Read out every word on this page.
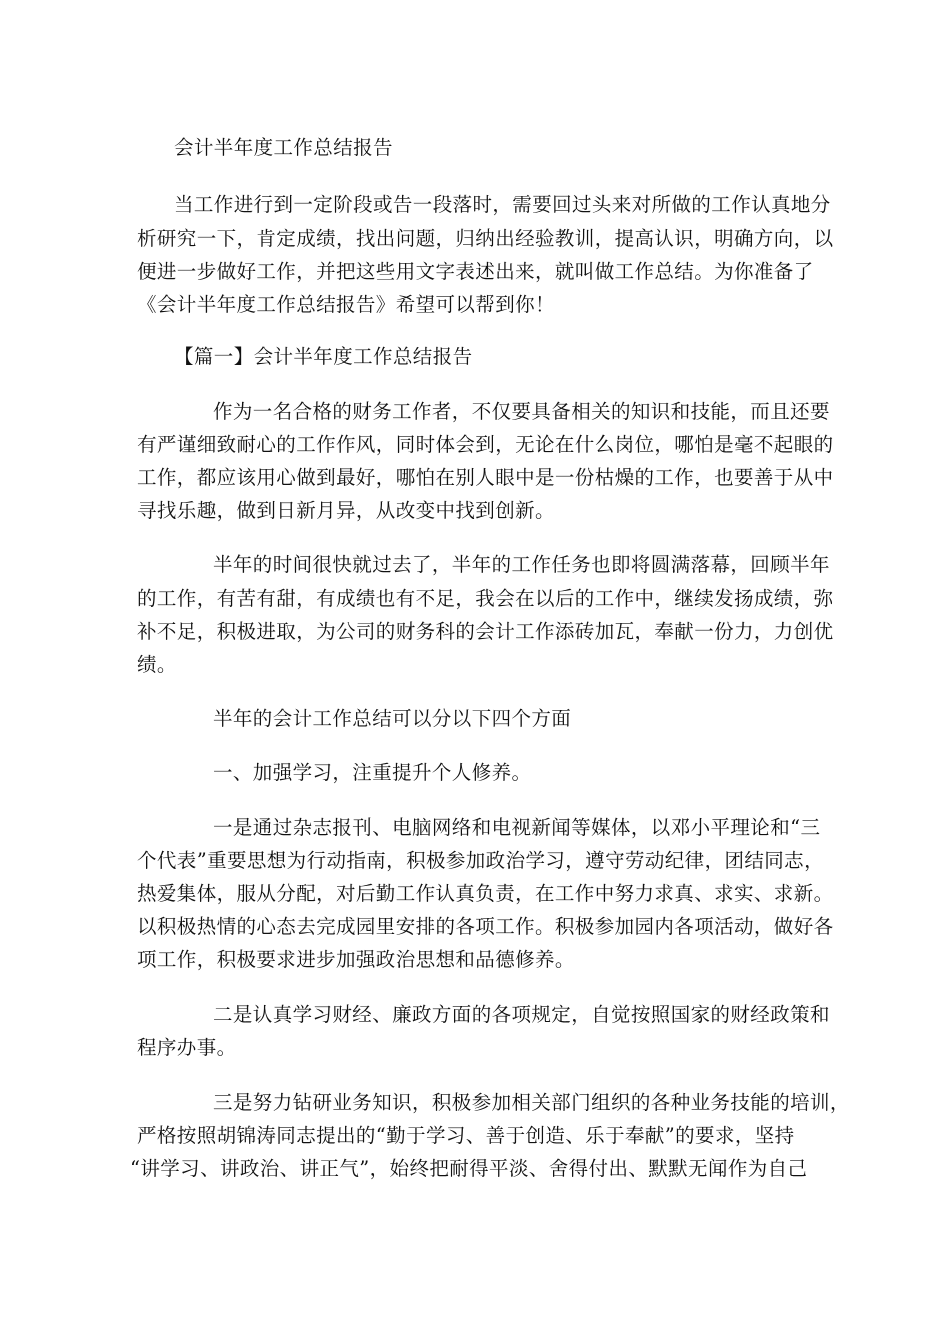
会计半年度工作总结报告
当工作进行到一定阶段或告一段落时，需要回过头来对所做的工作认真地分
析研究一下，肯定成绩，找出问题，归纳出经验教训，提高认识，明确方向，以
便进一步做好工作，并把这些用文字表述出来，就叫做工作总结。为你准备了
《会计半年度工作总结报告》希望可以帮到你！
【篇一】会计半年度工作总结报告
作为一名合格的财务工作者，不仅要具备相关的知识和技能，而且还要
有严谨细致耐心的工作作风，同时体会到，无论在什么岗位，哪怕是毫不起眼的
工作，都应该用心做到最好，哪怕在别人眼中是一份枯燥的工作，也要善于从中
寻找乐趣，做到日新月异，从改变中找到创新。
半年的时间很快就过去了，半年的工作任务也即将圆满落幕，回顾半年
的工作，有苦有甜，有成绩也有不足，我会在以后的工作中，继续发扬成绩，弥
补不足，积极进取，为公司的财务科的会计工作添砖加瓦，奉献一份力，力创优
绩。
半年的会计工作总结可以分以下四个方面
一、加强学习，注重提升个人修养。
一是通过杂志报刊、电脑网络和电视新闻等媒体，以邓小平理论和“三
个代表”重要思想为行动指南，积极参加政治学习，遵守劳动纪律，团结同志，
热爱集体，服从分配，对后勤工作认真负责，在工作中努力求真、求实、求新。
以积极热情的心态去完成园里安排的各项工作。积极参加园内各项活动，做好各
项工作，积极要求进步加强政治思想和品德修养。
二是认真学习财经、廉政方面的各项规定，自觉按照国家的财经政策和
程序办事。
三是努力钻研业务知识，积极参加相关部门组织的各种业务技能的培训，
严格按照胡锦涛同志提出的“勤于学习、善于创造、乐于奉献”的要求，坚持
“讲学习、讲政治、讲正气”，始终把耐得平淡、舍得付出、默默无闻作为自己
